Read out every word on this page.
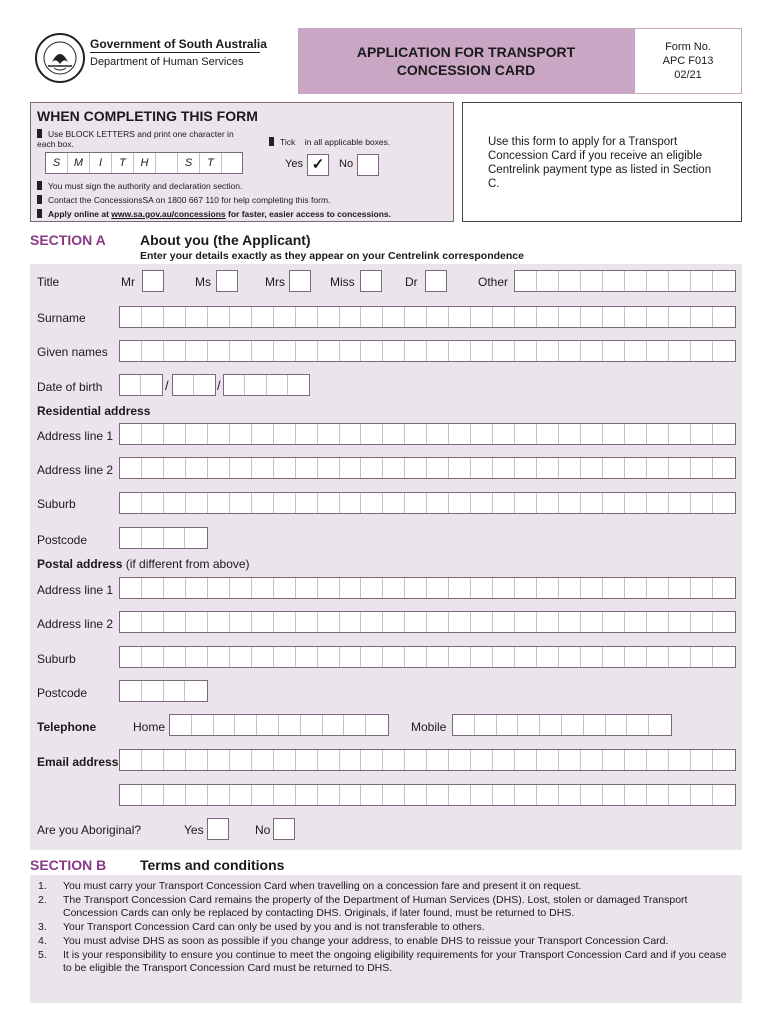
Government of South Australia
Department of Human Services
APPLICATION FOR TRANSPORT
CONCESSION CARD
Form No.
APC F013
02/21
WHEN COMPLETING THIS FORM
Use BLOCK LETTERS and print one character in each box.
S	M	I	T	H	S	T
Tick in all applicable boxes.
Yes ✓	No
You must sign the authority and declaration section.
Contact the ConcessionsSA on 1800 667 110 for help completing this form.
Apply online at www.sa.gov.au/concessions for faster, easier access to concessions.
Use this form to apply for a Transport Concession Card if you receive an eligible Centrelink payment type as listed in Section C.
SECTION A About you (the Applicant)
Enter your details exactly as they appear on your Centrelink correspondence
Title	Mr	Ms	Mrs	Miss	Dr	Other
Surname
Given names
Date of birth	/	/
Residential address
Address line 1
Address line 2
Suburb
Postcode
Postal address (if different from above)
Address line 1
Address line 2
Suburb
Postcode
Telephone	Home	Mobile
Email address
Are you Aboriginal?	Yes	No
SECTION B Terms and conditions
1. You must carry your Transport Concession Card when travelling on a concession fare and present it on request.
2. The Transport Concession Card remains the property of the Department of Human Services (DHS). Lost, stolen or damaged Transport Concession Cards can only be replaced by contacting DHS. Originals, if later found, must be returned to DHS.
3. Your Transport Concession Card can only be used by you and is not transferable to others.
4. You must advise DHS as soon as possible if you change your address, to enable DHS to reissue your Transport Concession Card.
5. It is your responsibility to ensure you continue to meet the ongoing eligibility requirements for your Transport Concession Card and if you cease to be eligible the Transport Concession Card must be returned to DHS.
